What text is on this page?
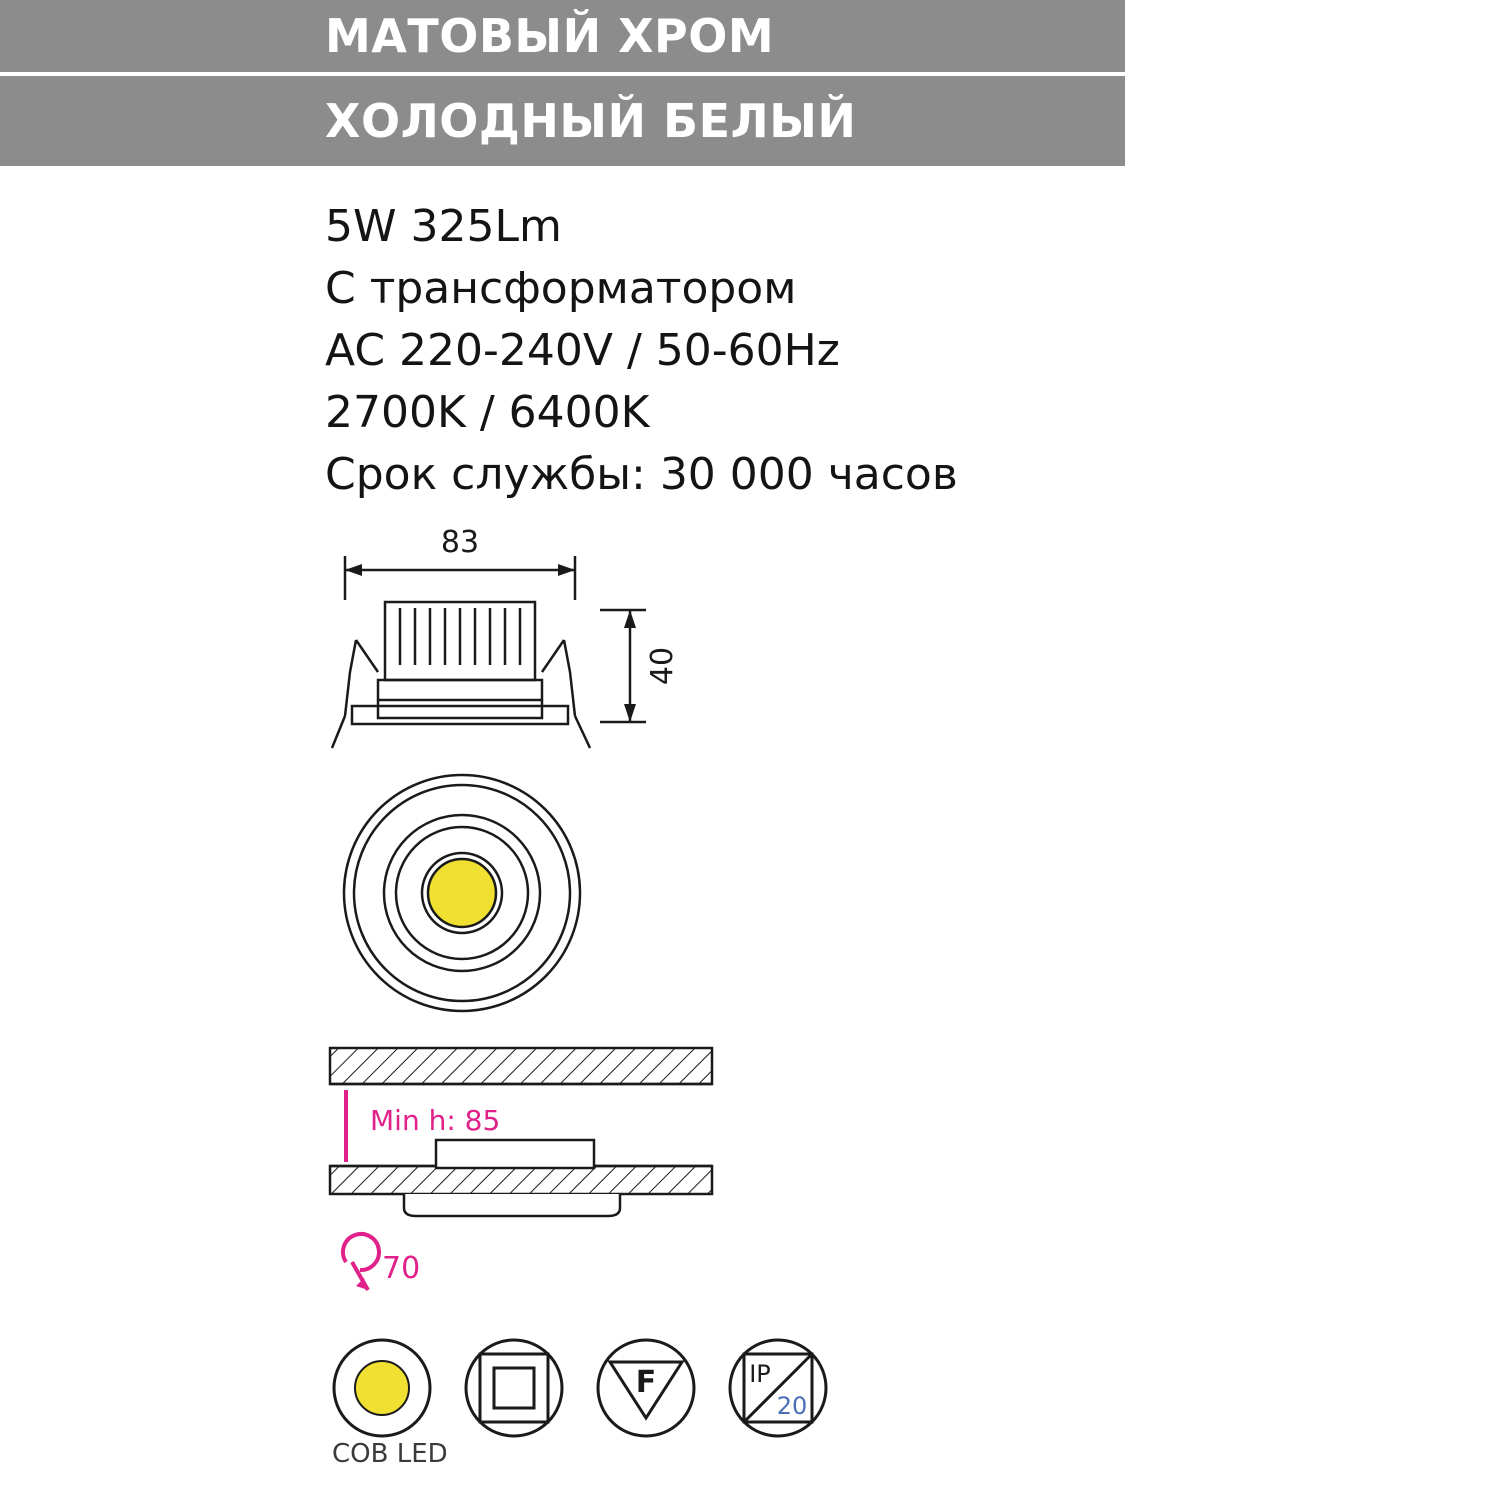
МАТОВЫЙ ХРОМ
ХОЛОДНЫЙ БЕЛЫЙ
5W 325Lm
С трансформатором
AC 220-240V / 50-60Hz
2700K / 6400K
Срок службы: 30 000 часов
83
40
Min h: 85
70
COB LED
F	IP
20
